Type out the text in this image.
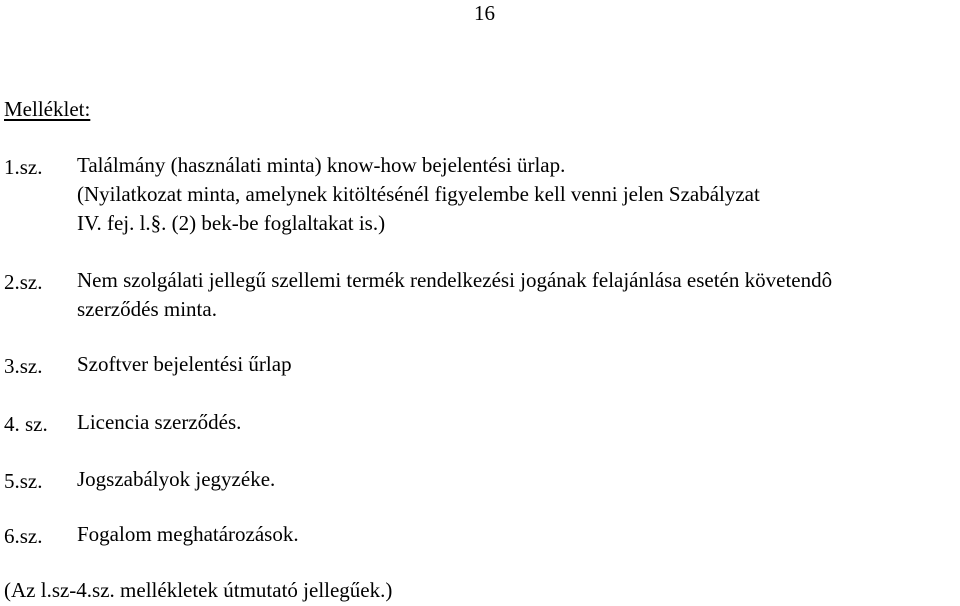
16
Melléklet:
1.sz. Találmány (használati minta) know-how bejelentési ürlap.
(Nyilatkozat minta, amelynek kitöltésénél figyelembe kell venni jelen Szabályzat
IV. fej. l.§. (2) bek-be foglaltakat is.)
2.sz. Nem szolgálati jellegű szellemi termék rendelkezési jogának felajánlása esetén követendô
szerződés minta.
3.sz. Szoftver bejelentési űrlap
4. sz. Licencia szerződés.
5.sz. Jogszabályok jegyzéke.
6.sz. Fogalom meghatározások.
(Az l.sz-4.sz. mellékletek útmutató jellegűek.)
